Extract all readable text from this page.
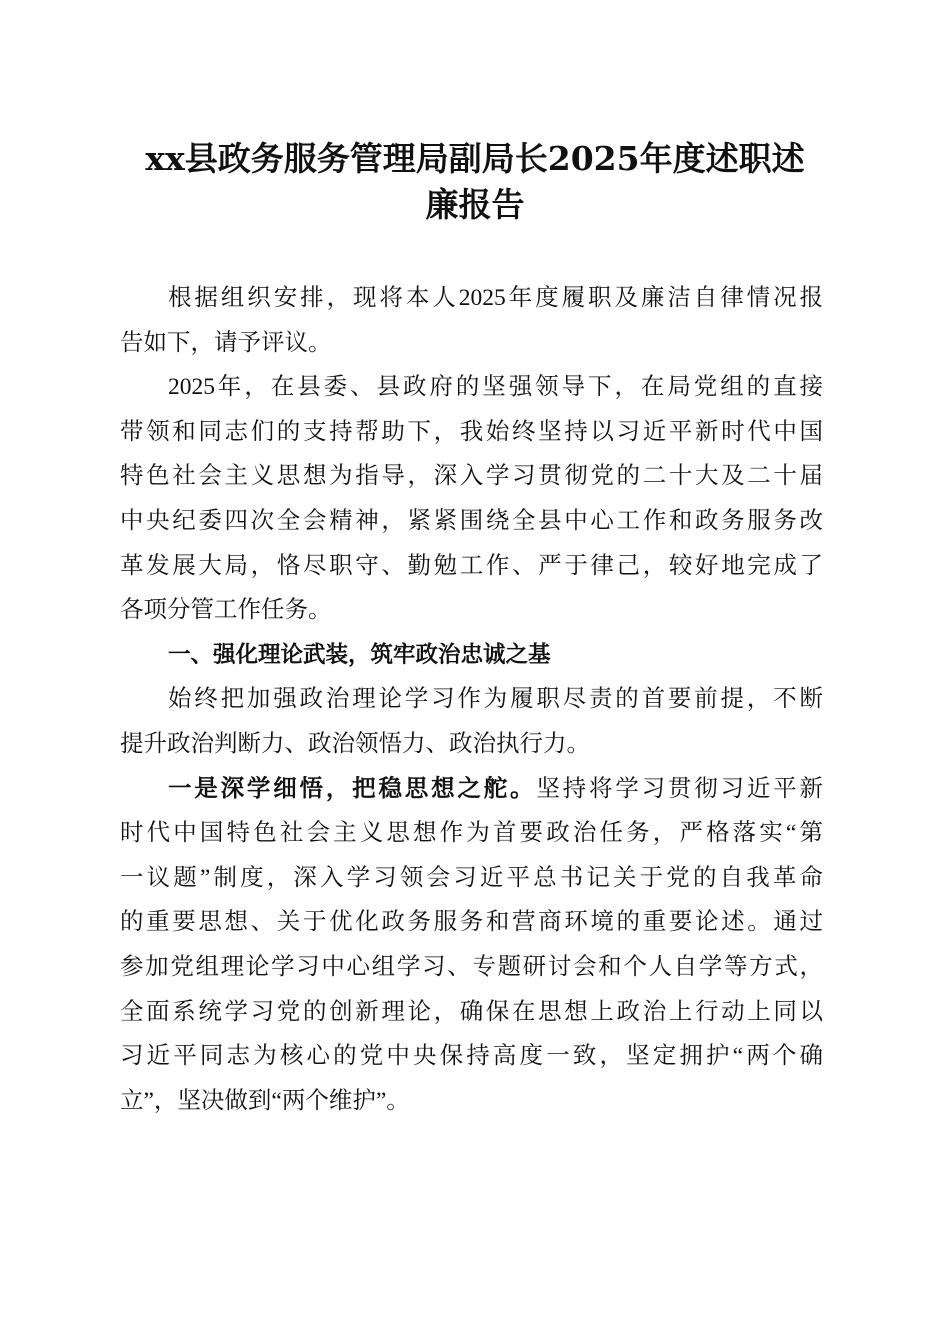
xx县政务服务管理局副局长2025年度述职述
廉报告
根据组织安排，现将本人2025年度履职及廉洁自律情况报
告如下，请予评议。
2025年，在县委、县政府的坚强领导下，在局党组的直接
带领和同志们的支持帮助下，我始终坚持以习近平新时代中国
特色社会主义思想为指导，深入学习贯彻党的二十大及二十届
中央纪委四次全会精神，紧紧围绕全县中心工作和政务服务改
革发展大局，恪尽职守、勤勉工作、严于律己，较好地完成了
各项分管工作任务。
一、强化理论武装，筑牢政治忠诚之基
始终把加强政治理论学习作为履职尽责的首要前提，不断
提升政治判断力、政治领悟力、政治执行力。
一是深学细悟，把稳思想之舵。坚持将学习贯彻习近平新
时代中国特色社会主义思想作为首要政治任务，严格落实“第
一议题”制度，深入学习领会习近平总书记关于党的自我革命
的重要思想、关于优化政务服务和营商环境的重要论述。通过
参加党组理论学习中心组学习、专题研讨会和个人自学等方式，
全面系统学习党的创新理论，确保在思想上政治上行动上同以
习近平同志为核心的党中央保持高度一致，坚定拥护“两个确
立”，坚决做到“两个维护”。
